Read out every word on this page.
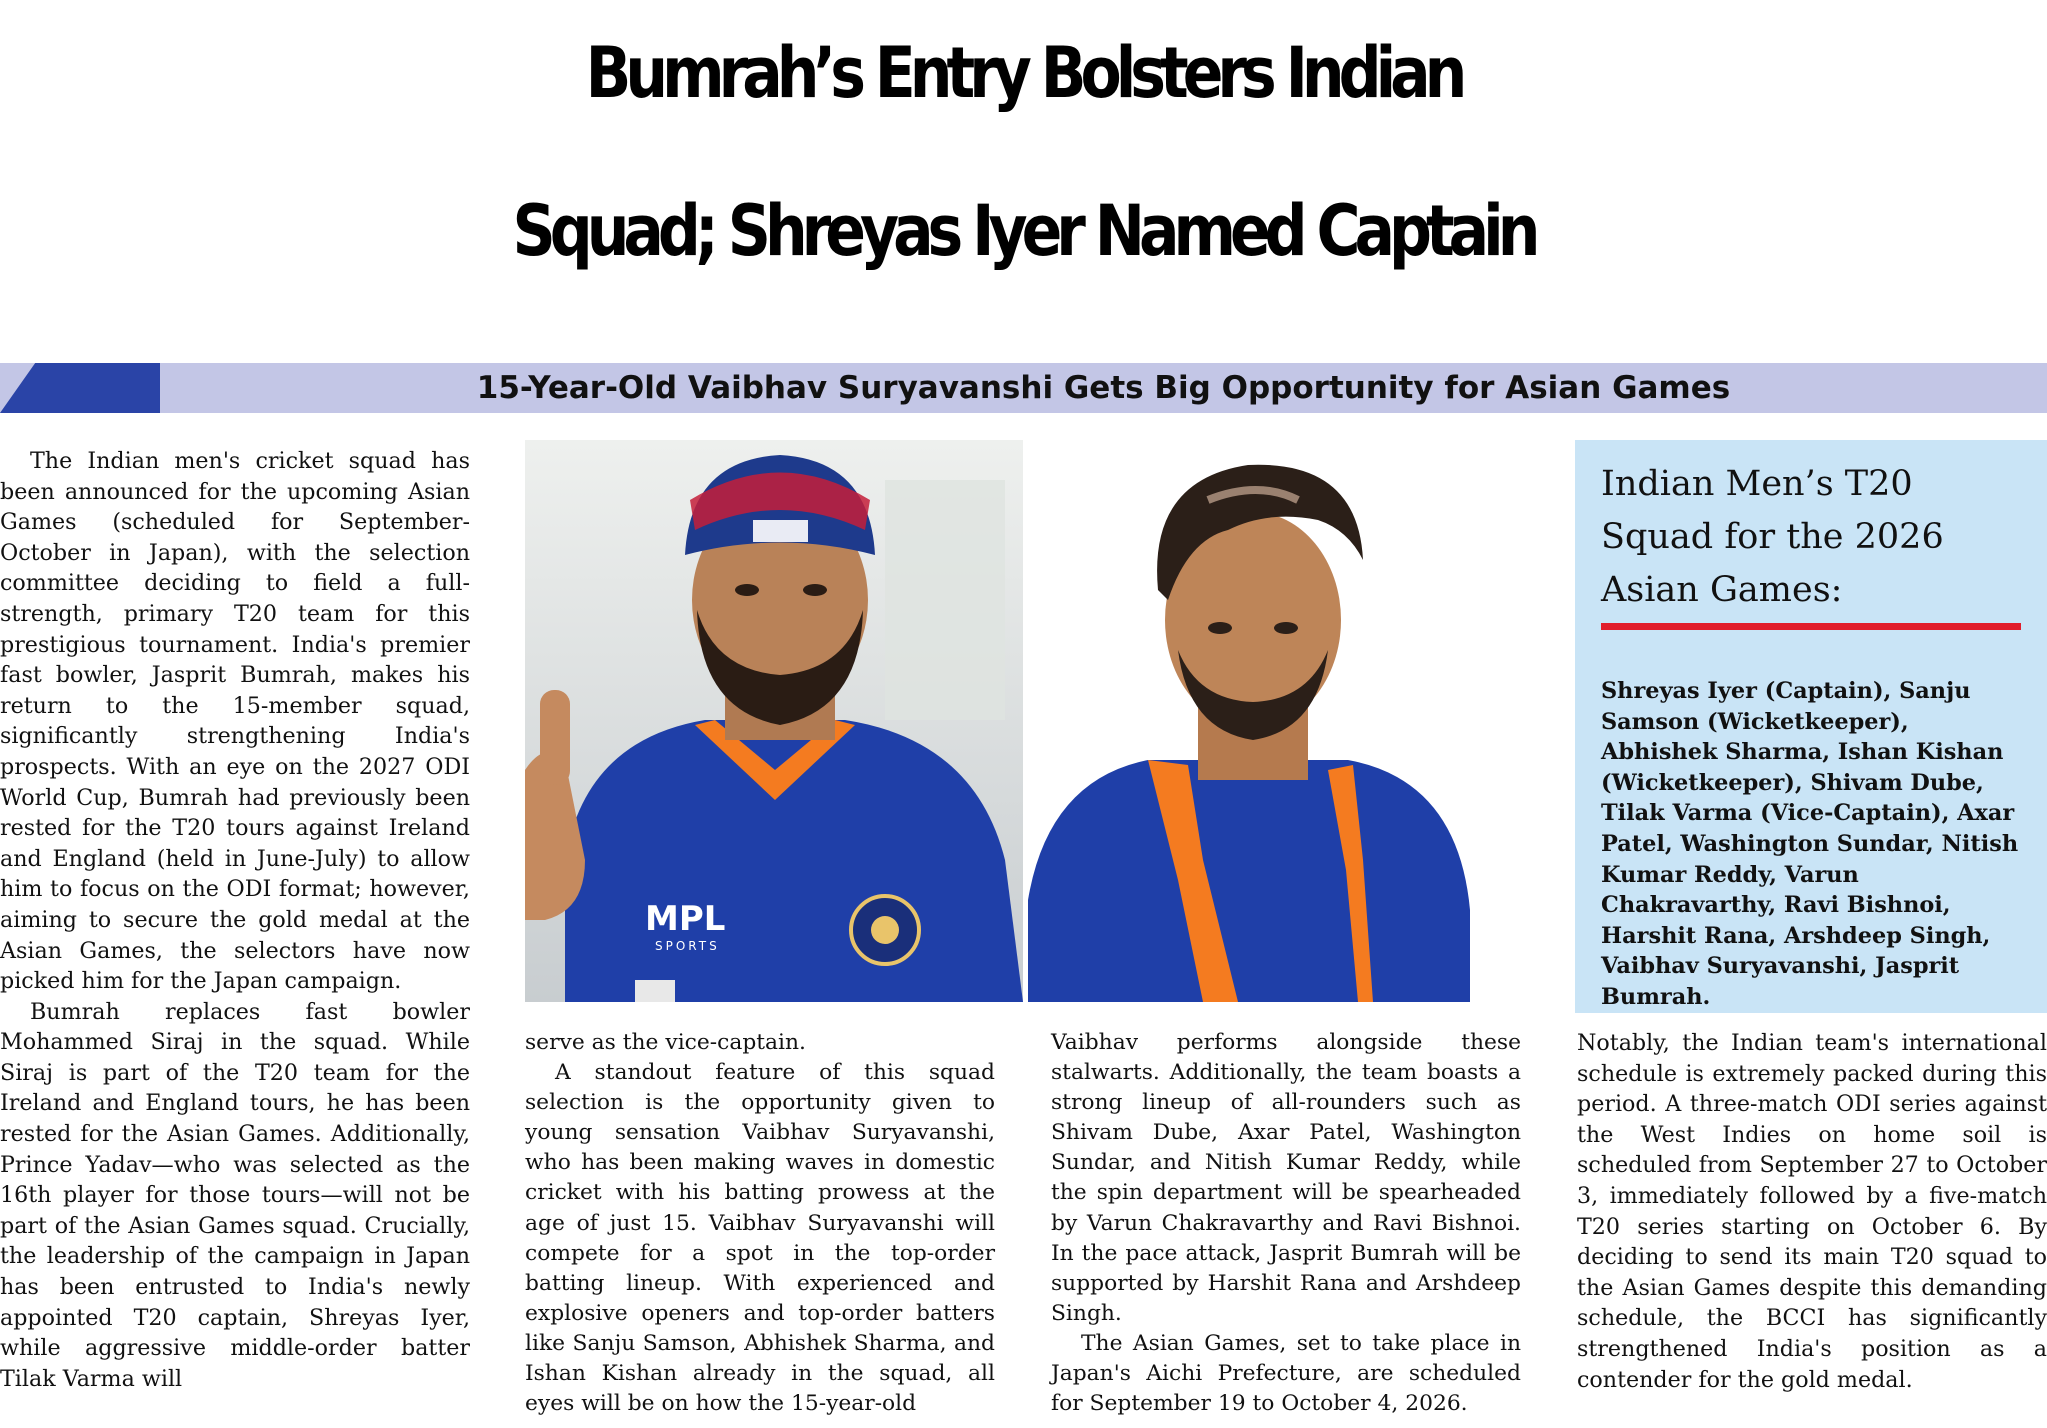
Bumrah’s Entry Bolsters Indian
Squad; Shreyas Iyer Named Captain
15-Year-Old Vaibhav Suryavanshi Gets Big Opportunity for Asian Games

The Indian men's cricket squad has been announced for the upcoming Asian Games (scheduled for September-October in Japan), with the selection committee deciding to field a full-strength, primary T20 team for this prestigious tournament. India's premier fast bowler, Jasprit Bumrah, makes his return to the 15-member squad, significantly strengthening India's prospects. With an eye on the 2027 ODI World Cup, Bumrah had previously been rested for the T20 tours against Ireland and England (held in June-July) to allow him to focus on the ODI format; however, aiming to secure the gold medal at the Asian Games, the selectors have now picked him for the Japan campaign.

Bumrah replaces fast bowler Mohammed Siraj in the squad. While Siraj is part of the T20 team for the Ireland and England tours, he has been rested for the Asian Games. Additionally, Prince Yadav—who was selected as the 16th player for those tours—will not be part of the Asian Games squad. Crucially, the leadership of the campaign in Japan has been entrusted to India's newly appointed T20 captain, Shreyas Iyer, while aggressive middle-order batter Tilak Varma will

MPL
SPORTS

serve as the vice-captain.

A standout feature of this squad selection is the opportunity given to young sensation Vaibhav Suryavanshi, who has been making waves in domestic cricket with his batting prowess at the age of just 15. Vaibhav Suryavanshi will compete for a spot in the top-order batting lineup. With experienced and explosive openers and top-order batters like Sanju Samson, Abhishek Sharma, and Ishan Kishan already in the squad, all eyes will be on how the 15-year-old

Vaibhav performs alongside these stalwarts. Additionally, the team boasts a strong lineup of all-rounders such as Shivam Dube, Axar Patel, Washington Sundar, and Nitish Kumar Reddy, while the spin department will be spearheaded by Varun Chakravarthy and Ravi Bishnoi. In the pace attack, Jasprit Bumrah will be supported by Harshit Rana and Arshdeep Singh.

The Asian Games, set to take place in Japan's Aichi Prefecture, are scheduled for September 19 to October 4, 2026.

Indian Men’s T20
Squad for the 2026
Asian Games:
Shreyas Iyer (Captain), Sanju Samson (Wicketkeeper), Abhishek Sharma, Ishan Kishan (Wicketkeeper), Shivam Dube, Tilak Varma (Vice-Captain), Axar Patel, Washington Sundar, Nitish Kumar Reddy, Varun Chakravarthy, Ravi Bishnoi, Harshit Rana, Arshdeep Singh, Vaibhav Suryavanshi, Jasprit Bumrah.

Notably, the Indian team's international schedule is extremely packed during this period. A three-match ODI series against the West Indies on home soil is scheduled from September 27 to October 3, immediately followed by a five-match T20 series starting on October 6. By deciding to send its main T20 squad to the Asian Games despite this demanding schedule, the BCCI has significantly strengthened India's position as a contender for the gold medal.
